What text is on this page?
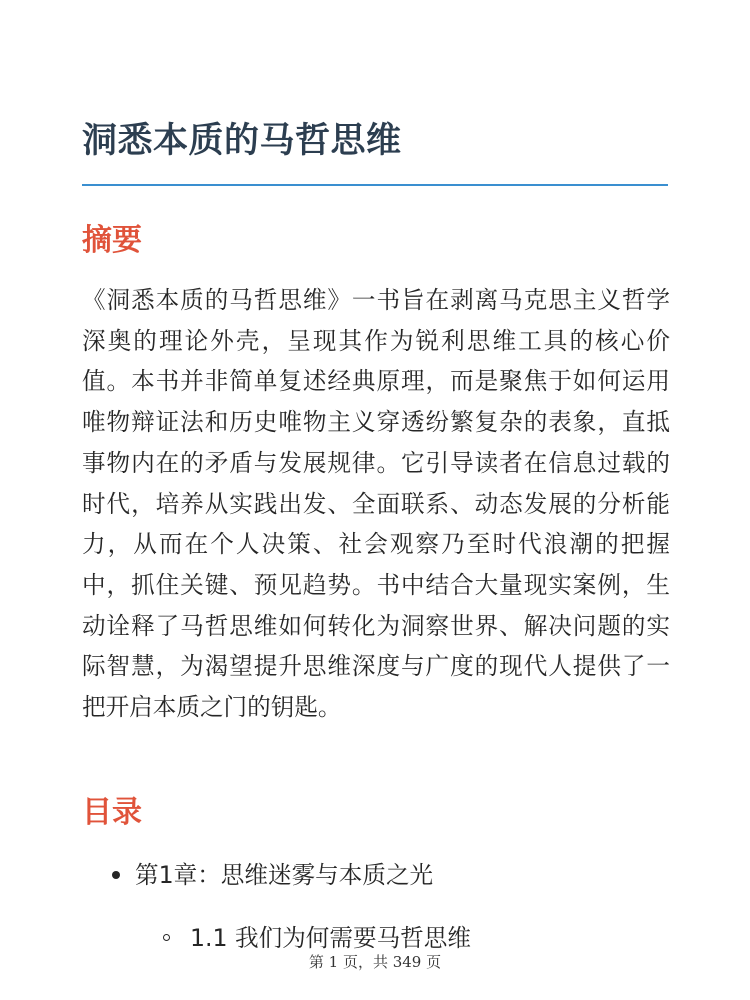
洞悉本质的马哲思维
摘要

《洞悉本质的马哲思维》一书旨在剥离马克思主义哲学深奥的理论外壳，呈现其作为锐利思维工具的核心价值。本书并非简单复述经典原理，而是聚焦于如何运用唯物辩证法和历史唯物主义穿透纷繁复杂的表象，直抵事物内在的矛盾与发展规律。它引导读者在信息过载的时代，培养从实践出发、全面联系、动态发展的分析能力，从而在个人决策、社会观察乃至时代浪潮的把握中，抓住关键、预见趋势。书中结合大量现实案例，生动诠释了马哲思维如何转化为洞察世界、解决问题的实际智慧，为渴望提升思维深度与广度的现代人提供了一把开启本质之门的钥匙。

目录
第1章：思维迷雾与本质之光
1.1 我们为何需要马哲思维
第 1 页，共 349 页
